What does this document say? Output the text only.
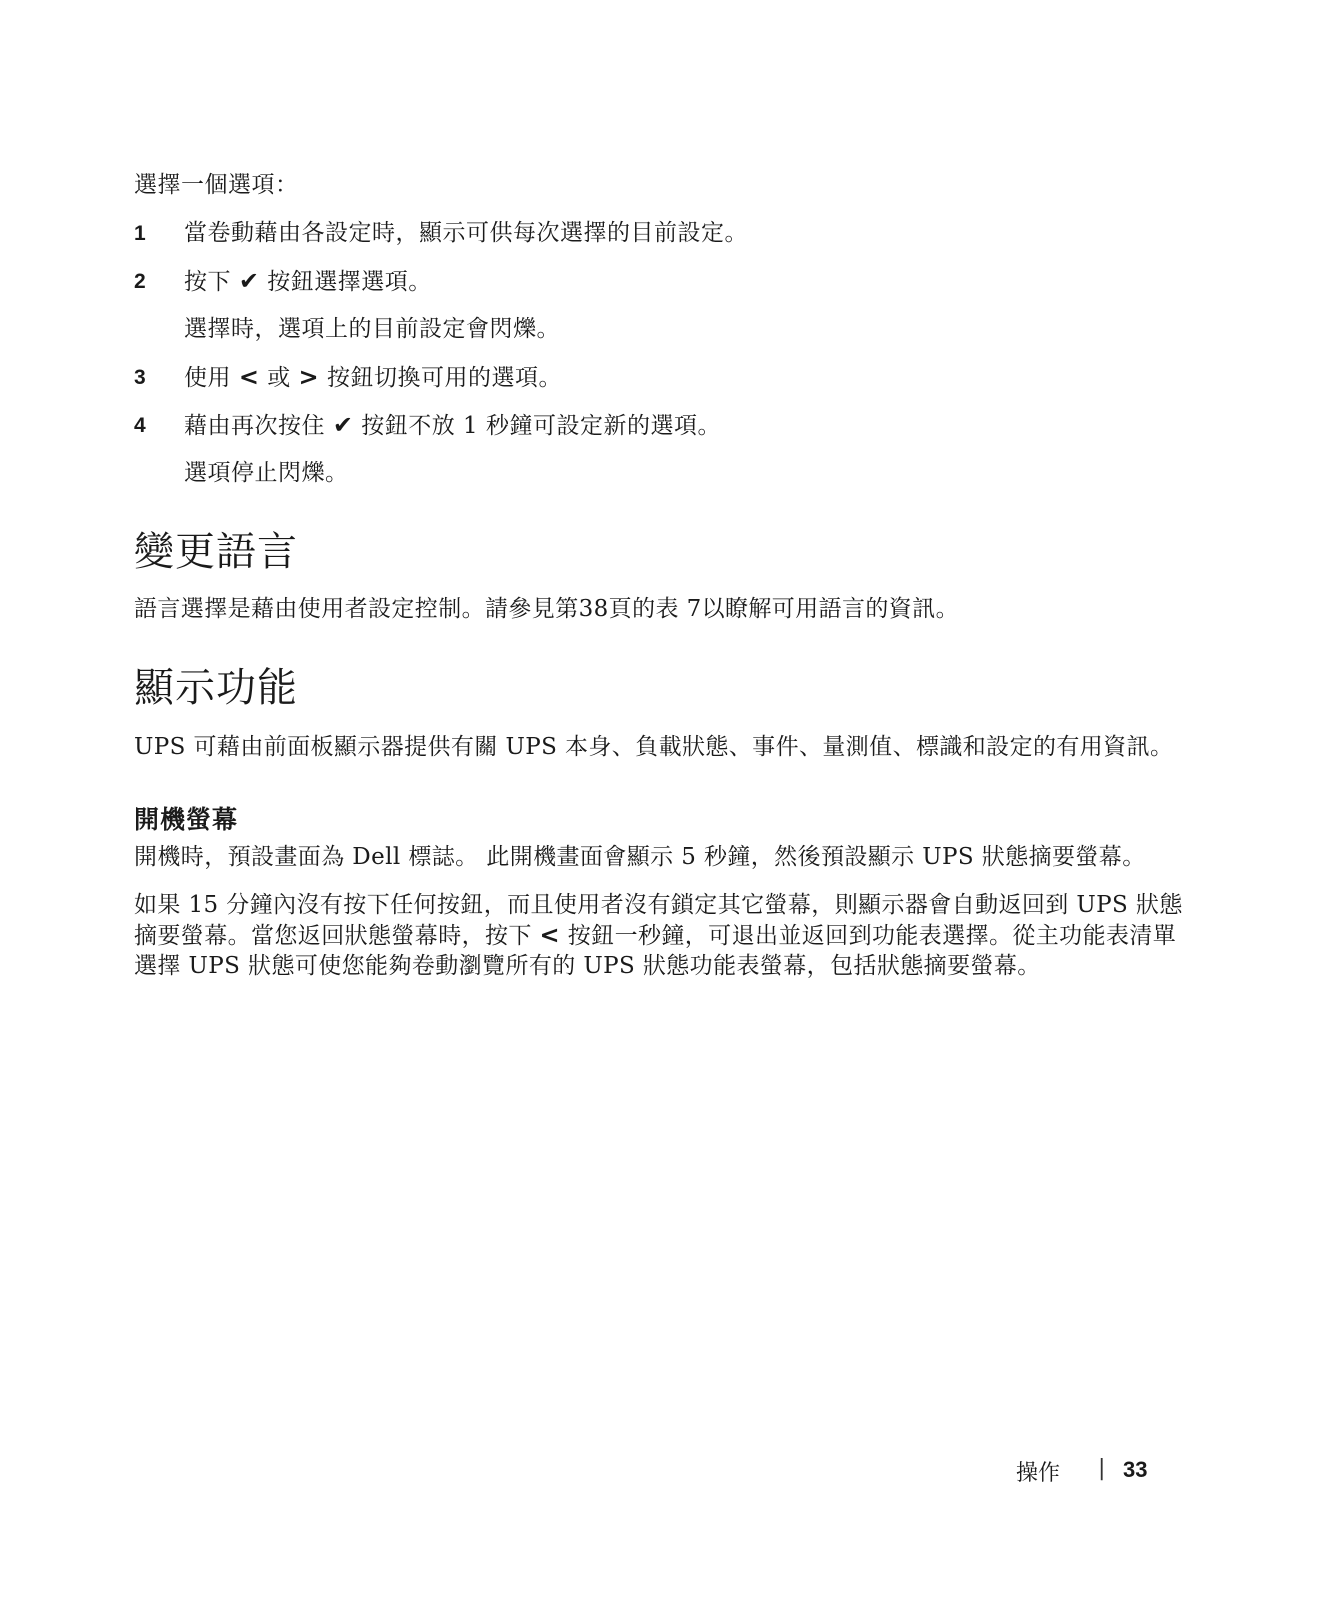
選擇一個選項：
1 當卷動藉由各設定時，顯示可供每次選擇的目前設定。
2 按下 ✔ 按鈕選擇選項。
選擇時，選項上的目前設定會閃爍。
3 使用 < 或 > 按鈕切換可用的選項。
4 藉由再次按住 ✔ 按鈕不放 1 秒鐘可設定新的選項。
選項停止閃爍。
變更語言
語言選擇是藉由使用者設定控制。請參見第38頁的表 7以瞭解可用語言的資訊。
顯示功能
UPS 可藉由前面板顯示器提供有關 UPS 本身、負載狀態、事件、量測值、標識和設定的有用資訊。
開機螢幕
開機時，預設畫面為 Dell 標誌。 此開機畫面會顯示 5 秒鐘，然後預設顯示 UPS 狀態摘要螢幕。
如果 15 分鐘內沒有按下任何按鈕，而且使用者沒有鎖定其它螢幕，則顯示器會自動返回到 UPS 狀態摘要螢幕。當您返回狀態螢幕時，按下 < 按鈕一秒鐘，可退出並返回到功能表選擇。從主功能表清單選擇 UPS 狀態可使您能夠卷動瀏覽所有的 UPS 狀態功能表螢幕，包括狀態摘要螢幕。
操作 | 33
